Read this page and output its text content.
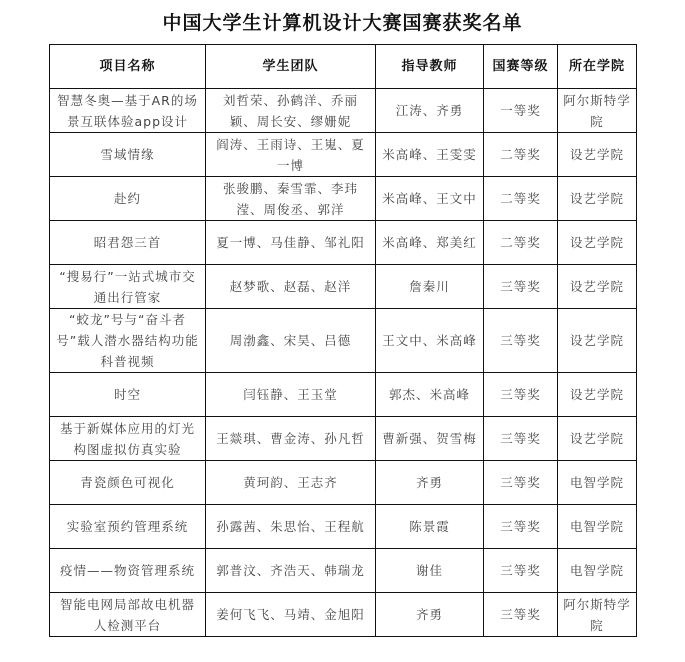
中国大学生计算机设计大赛国赛获奖名单
项目名称	学生团队	指导教师	国赛等级	所在学院
智慧冬奥—基于AR的场景互联体验app设计	刘哲荣、孙鹤洋、乔丽颖、周长安、缪姗妮	江涛、齐勇	一等奖	阿尔斯特学院
雪域情缘	阎涛、王雨诗、王嵬、夏一博	米高峰、王雯雯	二等奖	设艺学院
赴约	张骏鹏、秦雪霏、李玮滢、周俊丞、郭洋	米高峰、王文中	二等奖	设艺学院
昭君怨三首	夏一博、马佳静、邹礼阳	米高峰、郑美红	二等奖	设艺学院
“搜易行”一站式城市交通出行管家	赵梦歌、赵磊、赵洋	詹秦川	三等奖	设艺学院
“蛟龙”号与“奋斗者号”载人潜水器结构功能科普视频	周渤鑫、宋昊、吕德	王文中、米高峰	三等奖	设艺学院
时空	闫钰静、王玉堂	郭杰、米高峰	三等奖	设艺学院
基于新媒体应用的灯光构图虚拟仿真实验	王燚琪、曹金涛、孙凡哲	曹新强、贺雪梅	三等奖	设艺学院
青瓷颜色可视化	黄珂韵、王志齐	齐勇	三等奖	电智学院
实验室预约管理系统	孙露茜、朱思怡、王程航	陈景霞	三等奖	电智学院
疫情——物资管理系统	郭普汶、齐浩天、韩瑞龙	谢佳	三等奖	电智学院
智能电网局部故电机器人检测平台	姜何飞飞、马靖、金旭阳	齐勇	三等奖	阿尔斯特学院
